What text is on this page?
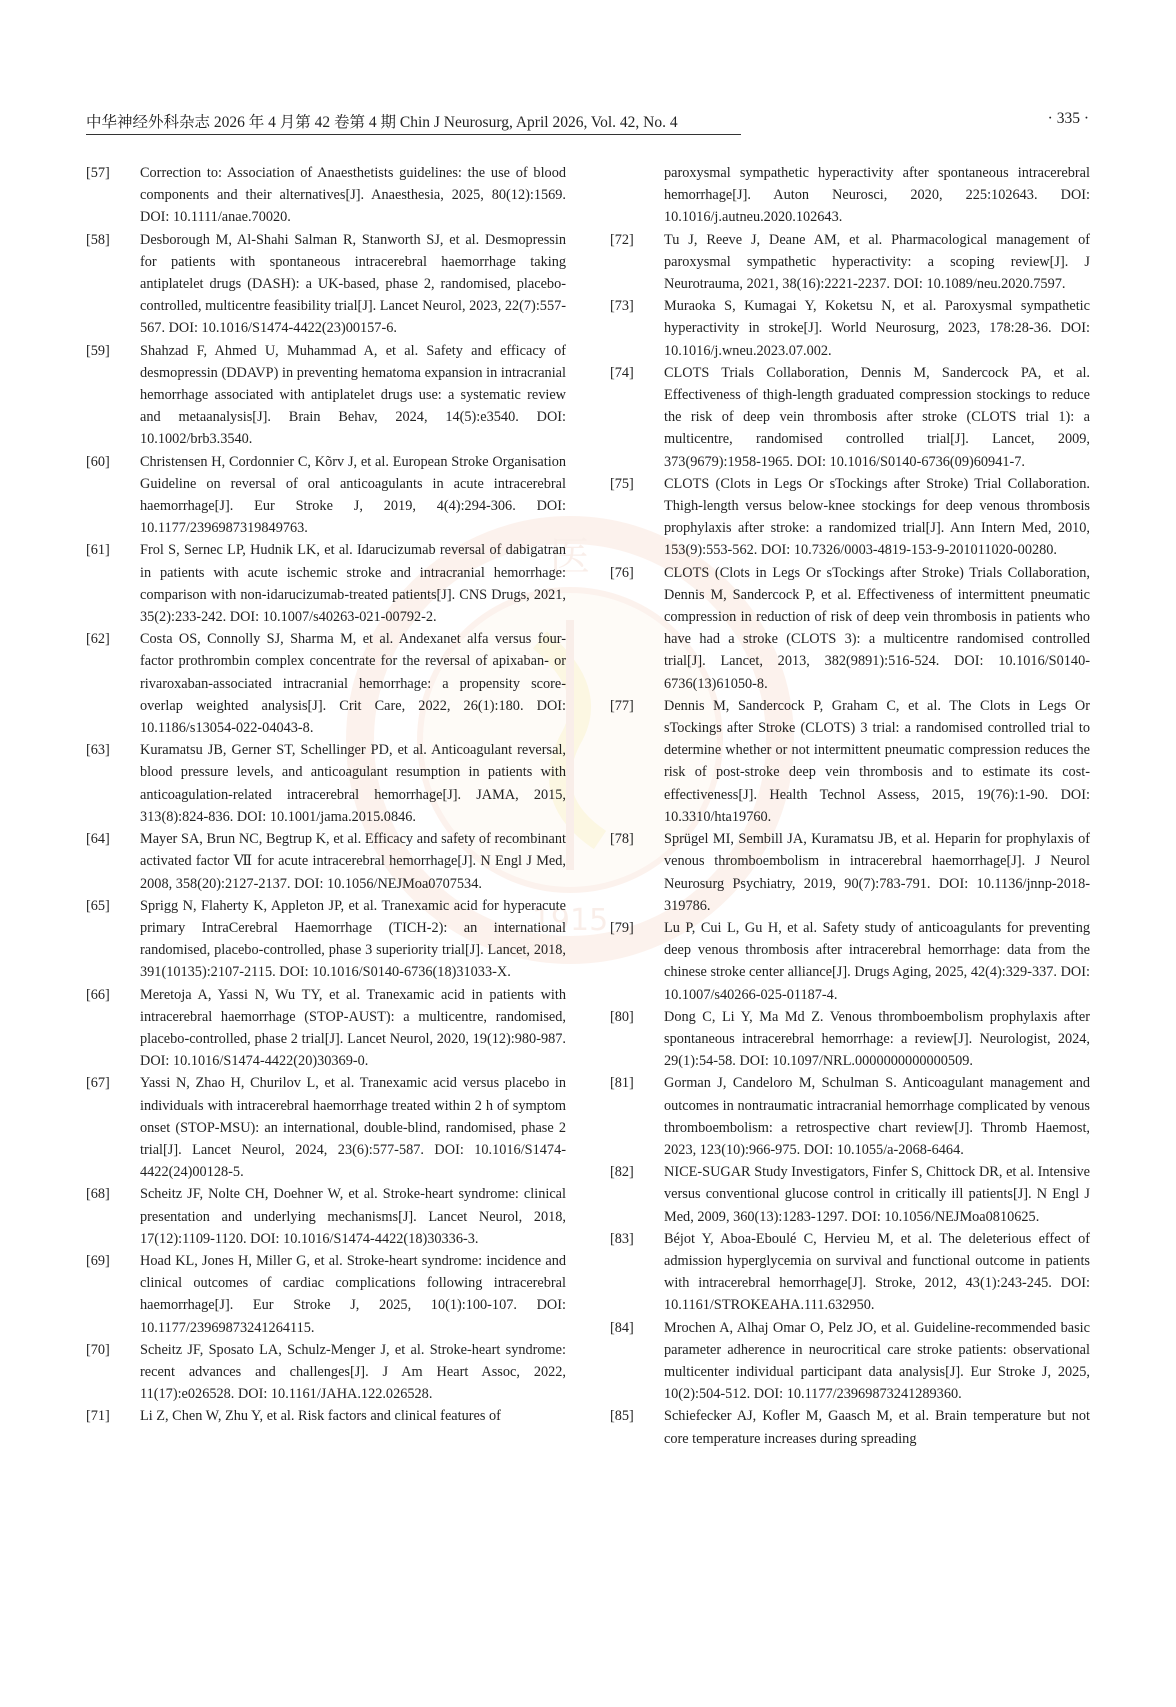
中华神经外科杂志 2026 年 4 月第 42 卷第 4 期 Chin J Neurosurg, April 2026, Vol. 42, No. 4	· 335 ·
医
1915
[57]	Correction to: Association of Anaesthetists guidelines: the use of blood components and their alternatives[J]. Anaesthesia, 2025, 80(12):1569. DOI: 10.1111/anae.70020.
[58]	Desborough M, Al-Shahi Salman R, Stanworth SJ, et al. Desmopressin for patients with spontaneous intracerebral haemorrhage taking antiplatelet drugs (DASH): a UK-based, phase 2, randomised, placebo-controlled, multicentre feasibility trial[J]. Lancet Neurol, 2023, 22(7):557-567. DOI: 10.1016/S1474-4422(23)00157-6.
[59]	Shahzad F, Ahmed U, Muhammad A, et al. Safety and efficacy of desmopressin (DDAVP) in preventing hematoma expansion in intracranial hemorrhage associated with antiplatelet drugs use: a systematic review and metaanalysis[J]. Brain Behav, 2024, 14(5):e3540. DOI: 10.1002/brb3.3540.
[60]	Christensen H, Cordonnier C, Kõrv J, et al. European Stroke Organisation Guideline on reversal of oral anticoagulants in acute intracerebral haemorrhage[J]. Eur Stroke J, 2019, 4(4):294-306. DOI: 10.1177/2396987319849763.
[61]	Frol S, Sernec LP, Hudnik LK, et al. Idarucizumab reversal of dabigatran in patients with acute ischemic stroke and intracranial hemorrhage: comparison with non-idarucizumab-treated patients[J]. CNS Drugs, 2021, 35(2):233-242. DOI: 10.1007/s40263-021-00792-2.
[62]	Costa OS, Connolly SJ, Sharma M, et al. Andexanet alfa versus four-factor prothrombin complex concentrate for the reversal of apixaban- or rivaroxaban-associated intracranial hemorrhage: a propensity score-overlap weighted analysis[J]. Crit Care, 2022, 26(1):180. DOI: 10.1186/s13054-022-04043-8.
[63]	Kuramatsu JB, Gerner ST, Schellinger PD, et al. Anticoagulant reversal, blood pressure levels, and anticoagulant resumption in patients with anticoagulation-related intracerebral hemorrhage[J]. JAMA, 2015, 313(8):824-836. DOI: 10.1001/jama.2015.0846.
[64]	Mayer SA, Brun NC, Begtrup K, et al. Efficacy and safety of recombinant activated factor Ⅶ for acute intracerebral hemorrhage[J]. N Engl J Med, 2008, 358(20):2127-2137. DOI: 10.1056/NEJMoa0707534.
[65]	Sprigg N, Flaherty K, Appleton JP, et al. Tranexamic acid for hyperacute primary IntraCerebral Haemorrhage (TICH-2): an international randomised, placebo-controlled, phase 3 superiority trial[J]. Lancet, 2018, 391(10135):2107-2115. DOI: 10.1016/S0140-6736(18)31033-X.
[66]	Meretoja A, Yassi N, Wu TY, et al. Tranexamic acid in patients with intracerebral haemorrhage (STOP-AUST): a multicentre, randomised, placebo-controlled, phase 2 trial[J]. Lancet Neurol, 2020, 19(12):980-987. DOI: 10.1016/S1474-4422(20)30369-0.
[67]	Yassi N, Zhao H, Churilov L, et al. Tranexamic acid versus placebo in individuals with intracerebral haemorrhage treated within 2 h of symptom onset (STOP-MSU): an international, double-blind, randomised, phase 2 trial[J]. Lancet Neurol, 2024, 23(6):577-587. DOI: 10.1016/S1474-4422(24)00128-5.
[68]	Scheitz JF, Nolte CH, Doehner W, et al. Stroke-heart syndrome: clinical presentation and underlying mechanisms[J]. Lancet Neurol, 2018, 17(12):1109-1120. DOI: 10.1016/S1474-4422(18)30336-3.
[69]	Hoad KL, Jones H, Miller G, et al. Stroke-heart syndrome: incidence and clinical outcomes of cardiac complications following intracerebral haemorrhage[J]. Eur Stroke J, 2025, 10(1):100-107. DOI: 10.1177/23969873241264115.
[70]	Scheitz JF, Sposato LA, Schulz-Menger J, et al. Stroke-heart syndrome: recent advances and challenges[J]. J Am Heart Assoc, 2022, 11(17):e026528. DOI: 10.1161/JAHA.122.026528.
[71]	Li Z, Chen W, Zhu Y, et al. Risk factors and clinical features of
paroxysmal sympathetic hyperactivity after spontaneous intracerebral hemorrhage[J]. Auton Neurosci, 2020, 225:102643. DOI: 10.1016/j.autneu.2020.102643.
[72]	Tu J, Reeve J, Deane AM, et al. Pharmacological management of paroxysmal sympathetic hyperactivity: a scoping review[J]. J Neurotrauma, 2021, 38(16):2221-2237. DOI: 10.1089/neu.2020.7597.
[73]	Muraoka S, Kumagai Y, Koketsu N, et al. Paroxysmal sympathetic hyperactivity in stroke[J]. World Neurosurg, 2023, 178:28-36. DOI: 10.1016/j.wneu.2023.07.002.
[74]	CLOTS Trials Collaboration, Dennis M, Sandercock PA, et al. Effectiveness of thigh-length graduated compression stockings to reduce the risk of deep vein thrombosis after stroke (CLOTS trial 1): a multicentre, randomised controlled trial[J]. Lancet, 2009, 373(9679):1958-1965. DOI: 10.1016/S0140-6736(09)60941-7.
[75]	CLOTS (Clots in Legs Or sTockings after Stroke) Trial Collaboration. Thigh-length versus below-knee stockings for deep venous thrombosis prophylaxis after stroke: a randomized trial[J]. Ann Intern Med, 2010, 153(9):553-562. DOI: 10.7326/0003-4819-153-9-201011020-00280.
[76]	CLOTS (Clots in Legs Or sTockings after Stroke) Trials Collaboration, Dennis M, Sandercock P, et al. Effectiveness of intermittent pneumatic compression in reduction of risk of deep vein thrombosis in patients who have had a stroke (CLOTS 3): a multicentre randomised controlled trial[J]. Lancet, 2013, 382(9891):516-524. DOI: 10.1016/S0140-6736(13)61050-8.
[77]	Dennis M, Sandercock P, Graham C, et al. The Clots in Legs Or sTockings after Stroke (CLOTS) 3 trial: a randomised controlled trial to determine whether or not intermittent pneumatic compression reduces the risk of post-stroke deep vein thrombosis and to estimate its cost-effectiveness[J]. Health Technol Assess, 2015, 19(76):1-90. DOI: 10.3310/hta19760.
[78]	Sprügel MI, Sembill JA, Kuramatsu JB, et al. Heparin for prophylaxis of venous thromboembolism in intracerebral haemorrhage[J]. J Neurol Neurosurg Psychiatry, 2019, 90(7):783-791. DOI: 10.1136/jnnp-2018-319786.
[79]	Lu P, Cui L, Gu H, et al. Safety study of anticoagulants for preventing deep venous thrombosis after intracerebral hemorrhage: data from the chinese stroke center alliance[J]. Drugs Aging, 2025, 42(4):329-337. DOI: 10.1007/s40266-025-01187-4.
[80]	Dong C, Li Y, Ma Md Z. Venous thromboembolism prophylaxis after spontaneous intracerebral hemorrhage: a review[J]. Neurologist, 2024, 29(1):54-58. DOI: 10.1097/NRL.0000000000000509.
[81]	Gorman J, Candeloro M, Schulman S. Anticoagulant management and outcomes in nontraumatic intracranial hemorrhage complicated by venous thromboembolism: a retrospective chart review[J]. Thromb Haemost, 2023, 123(10):966-975. DOI: 10.1055/a-2068-6464.
[82]	NICE-SUGAR Study Investigators, Finfer S, Chittock DR, et al. Intensive versus conventional glucose control in critically ill patients[J]. N Engl J Med, 2009, 360(13):1283-1297. DOI: 10.1056/NEJMoa0810625.
[83]	Béjot Y, Aboa-Eboulé C, Hervieu M, et al. The deleterious effect of admission hyperglycemia on survival and functional outcome in patients with intracerebral hemorrhage[J]. Stroke, 2012, 43(1):243-245. DOI: 10.1161/STROKEAHA.111.632950.
[84]	Mrochen A, Alhaj Omar O, Pelz JO, et al. Guideline-recommended basic parameter adherence in neurocritical care stroke patients: observational multicenter individual participant data analysis[J]. Eur Stroke J, 2025, 10(2):504-512. DOI: 10.1177/23969873241289360.
[85]	Schiefecker AJ, Kofler M, Gaasch M, et al. Brain temperature but not core temperature increases during spreading
